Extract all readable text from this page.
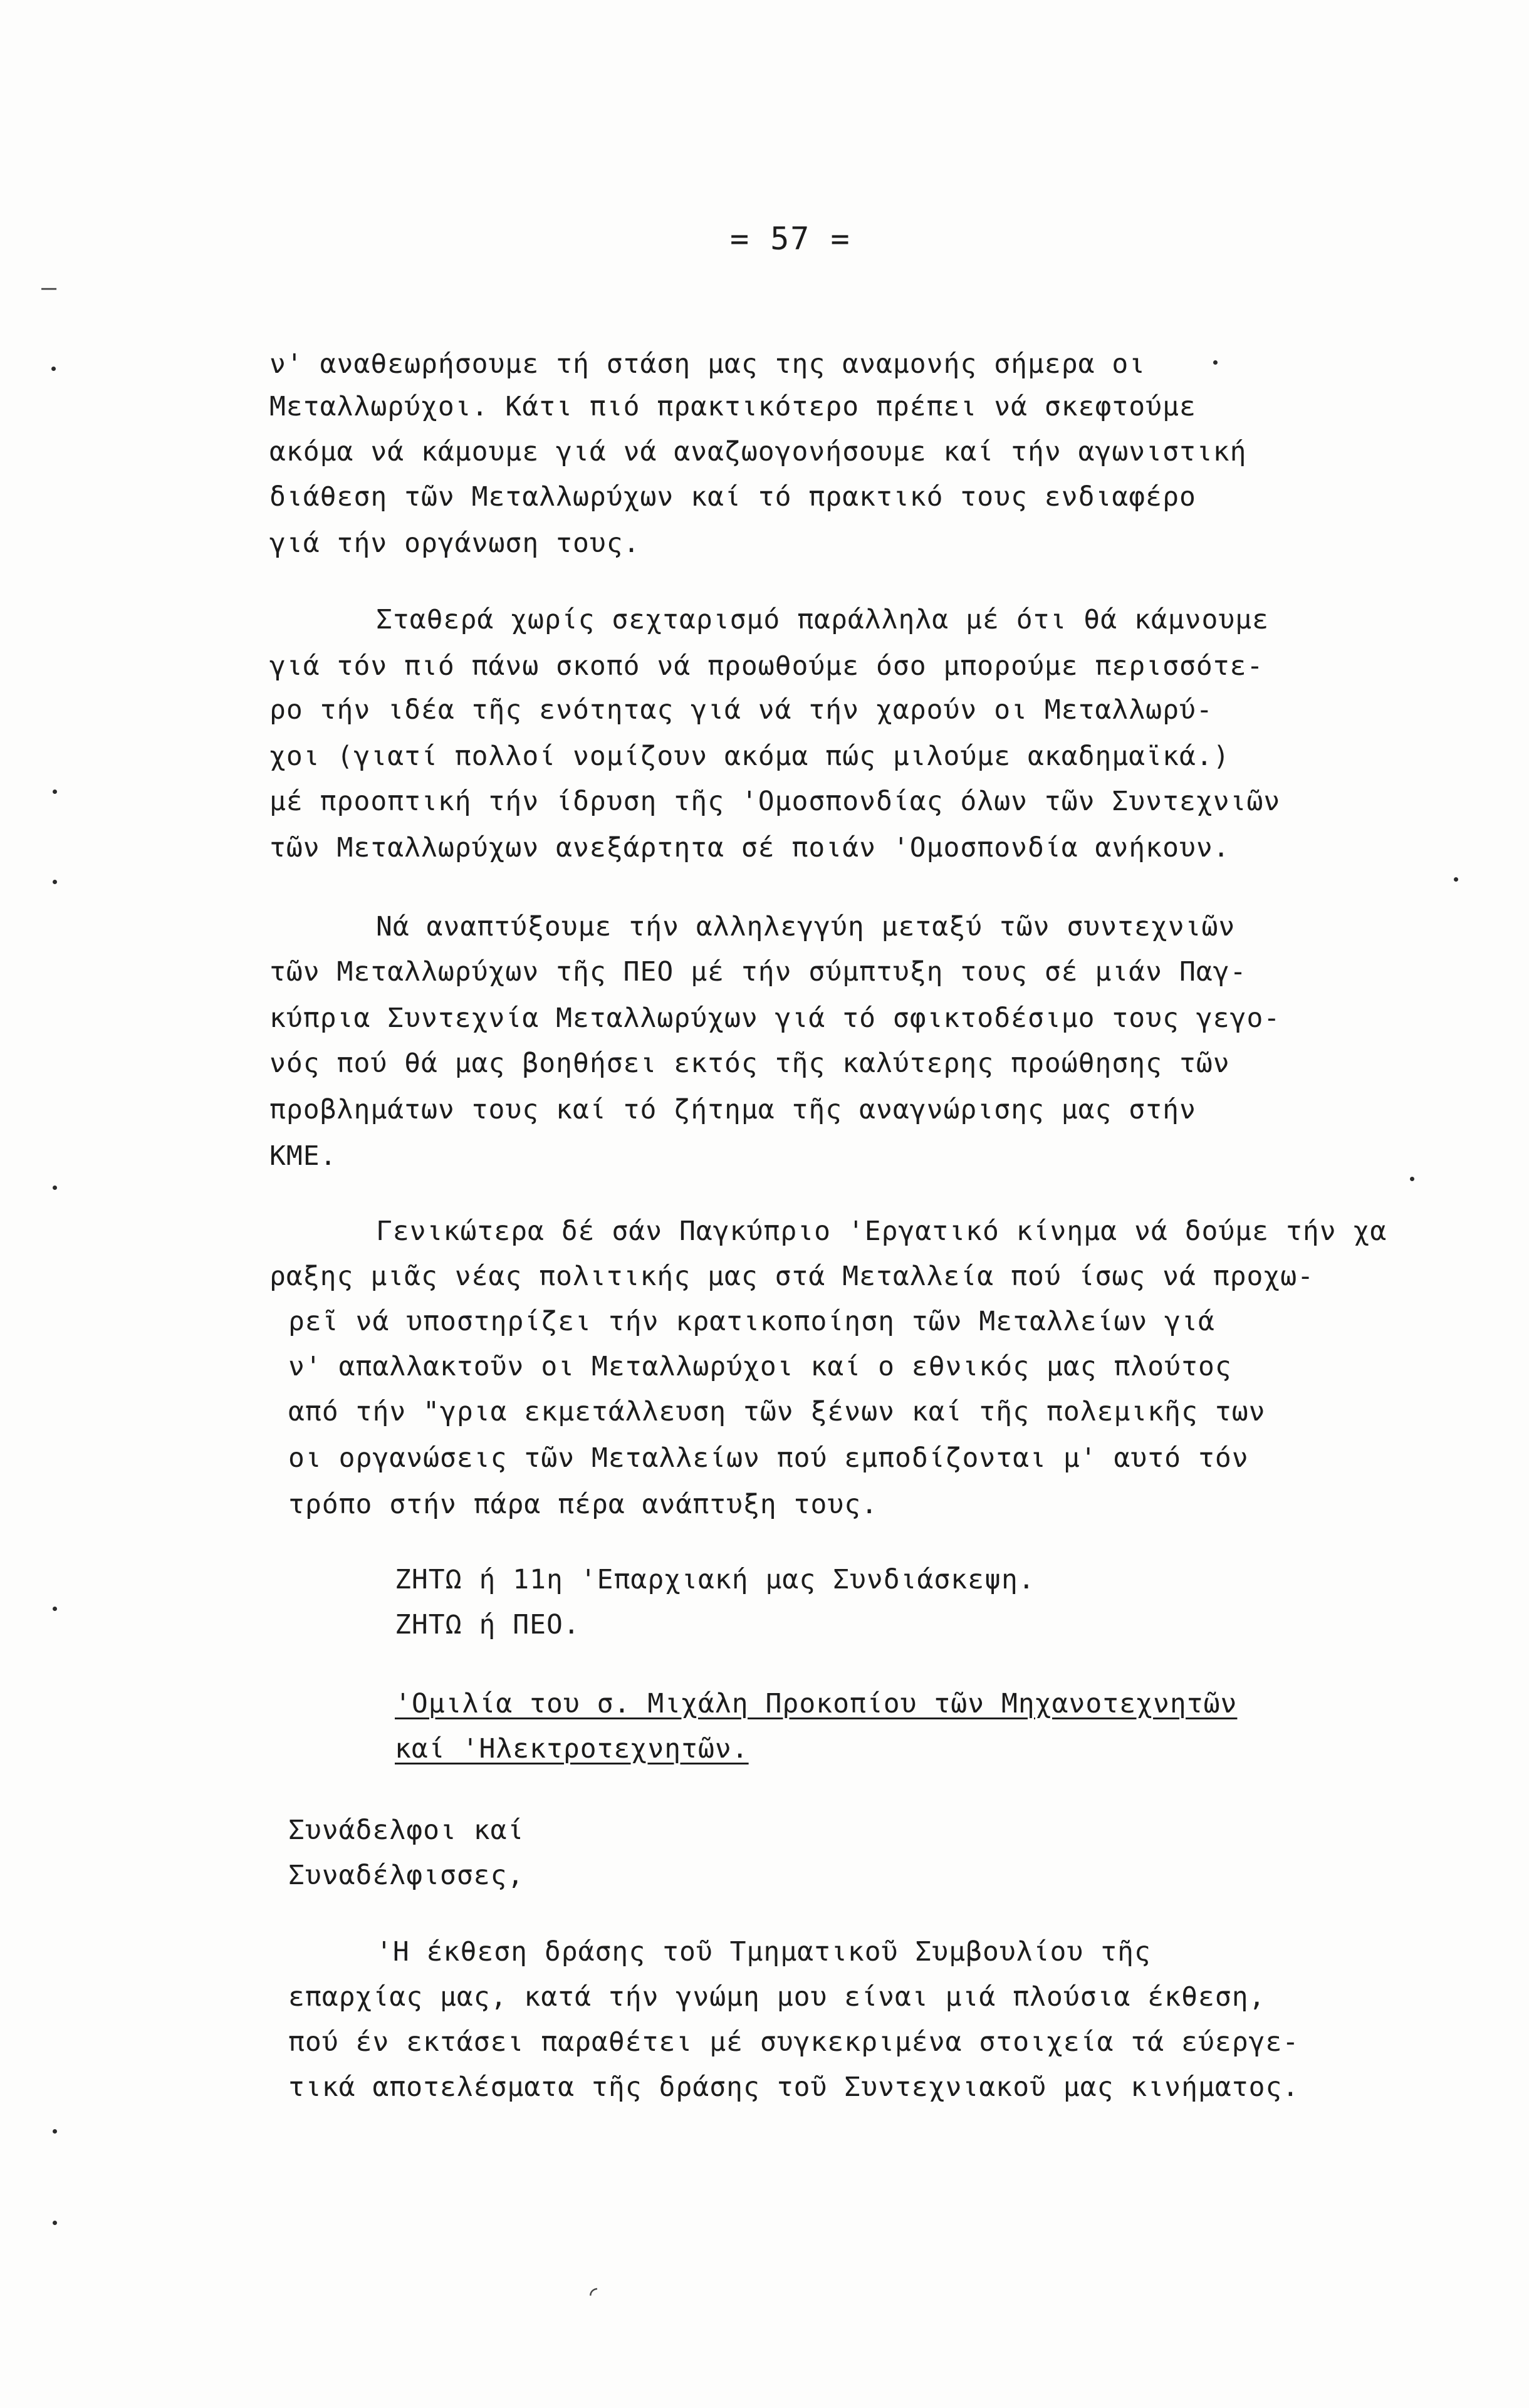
= 57 =
ν' αναθεωρήσουμε τή στάση μας της αναμονής σήμερα οι
Μεταλλωρύχοι. Κάτι πιό πρακτικότερο πρέπει νά σκεφτούμε
ακόμα νά κάμουμε γιά νά αναζωογονήσουμε καί τήν αγωνιστική
διάθεση τῶν Μεταλλωρύχων καί τό πρακτικό τους ενδιαφέρο
γιά τήν οργάνωση τους.
Σταθερά χωρίς σεχταρισμό παράλληλα μέ ότι θά κάμνουμε
γιά τόν πιό πάνω σκοπό νά προωθούμε όσο μπορούμε περισσότε-
ρο τήν ιδέα τῆς ενότητας γιά νά τήν χαρούν οι Μεταλλωρύ-
χοι (γιατί πολλοί νομίζουν ακόμα πώς μιλούμε ακαδημαϊκά.)
μέ προοπτική τήν ίδρυση τῆς 'Ομοσπονδίας όλων τῶν Συντεχνιῶν
τῶν Μεταλλωρύχων ανεξάρτητα σέ ποιάν 'Ομοσπονδία ανήκουν.
Νά αναπτύξουμε τήν αλληλεγγύη μεταξύ τῶν συντεχνιῶν
τῶν Μεταλλωρύχων τῆς ΠΕΟ μέ τήν σύμπτυξη τους σέ μιάν Παγ-
κύπρια Συντεχνία Μεταλλωρύχων γιά τό σφικτοδέσιμο τους γεγο-
νός πού θά μας βοηθήσει εκτός τῆς καλύτερης προώθησης τῶν
προβλημάτων τους καί τό ζήτημα τῆς αναγνώρισης μας στήν
ΚΜΕ.
Γενικώτερα δέ σάν Παγκύπριο 'Εργατικό κίνημα νά δούμε τήν χα
ραξης μιᾶς νέας πολιτικής μας στά Μεταλλεία πού ίσως νά προχω-
ρεῖ νά υποστηρίζει τήν κρατικοποίηση τῶν Μεταλλείων γιά
ν' απαλλακτοῦν οι Μεταλλωρύχοι καί ο εθνικός μας πλούτος
από τήν "γρια εκμετάλλευση τῶν ξένων καί τῆς πολεμικῆς των
οι οργανώσεις τῶν Μεταλλείων πού εμποδίζονται μ' αυτό τόν
τρόπο στήν πάρα πέρα ανάπτυξη τους.
ΖΗΤΩ ή 11η 'Επαρχιακή μας Συνδιάσκεψη.
ΖΗΤΩ ή ΠΕΟ.
'Ομιλία του σ. Μιχάλη Προκοπίου τῶν Μηχανοτεχνητῶν
καί 'Ηλεκτροτεχνητῶν.
Συνάδελφοι καί
Συναδέλφισσες,
'Η έκθεση δράσης τοῦ Τμηματικοῦ Συμβουλίου τῆς
επαρχίας μας, κατά τήν γνώμη μου είναι μιά πλούσια έκθεση,
πού έν εκτάσει παραθέτει μέ συγκεκριμένα στοιχεία τά εύεργε-
τικά αποτελέσματα τῆς δράσης τοῦ Συντεχνιακοῦ μας κινήματος.
◜
–
